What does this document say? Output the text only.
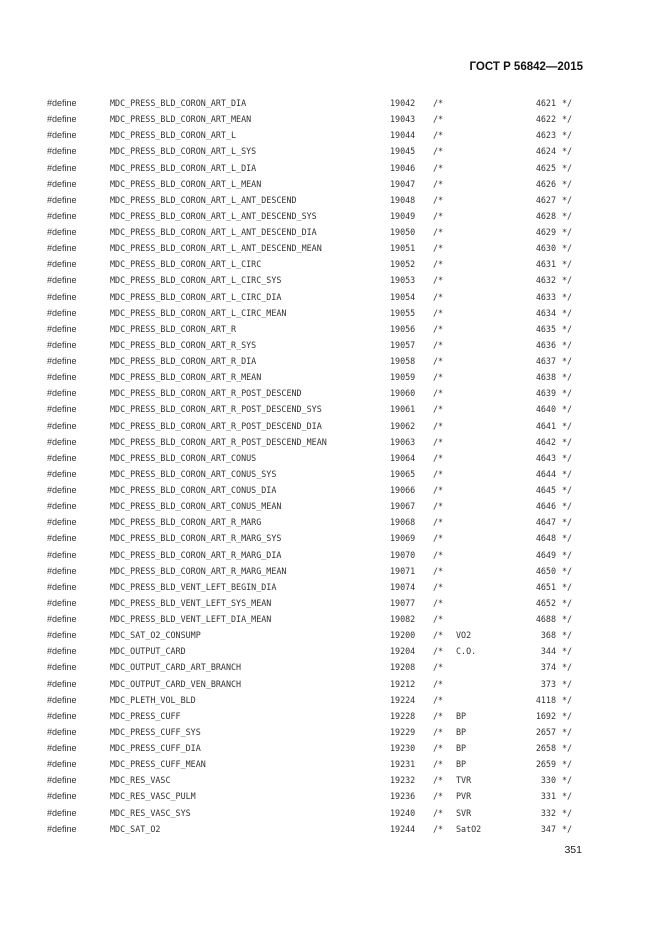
ГОСТ Р 56842—2015
#define	MDC_PRESS_BLD_CORON_ART_DIA	19042 /*	4621 */
#define	MDC_PRESS_BLD_CORON_ART_MEAN	19043 /*	4622 */
#define	MDC_PRESS_BLD_CORON_ART_L	19044 /*	4623 */
#define	MDC_PRESS_BLD_CORON_ART_L_SYS	19045 /*	4624 */
#define	MDC_PRESS_BLD_CORON_ART_L_DIA	19046 /*	4625 */
#define	MDC_PRESS_BLD_CORON_ART_L_MEAN	19047 /*	4626 */
#define	MDC_PRESS_BLD_CORON_ART_L_ANT_DESCEND	19048 /*	4627 */
#define	MDC_PRESS_BLD_CORON_ART_L_ANT_DESCEND_SYS	19049 /*	4628 */
#define	MDC_PRESS_BLD_CORON_ART_L_ANT_DESCEND_DIA	19050 /*	4629 */
#define	MDC_PRESS_BLD_CORON_ART_L_ANT_DESCEND_MEAN	19051 /*	4630 */
#define	MDC_PRESS_BLD_CORON_ART_L_CIRC	19052 /*	4631 */
#define	MDC_PRESS_BLD_CORON_ART_L_CIRC_SYS	19053 /*	4632 */
#define	MDC_PRESS_BLD_CORON_ART_L_CIRC_DIA	19054 /*	4633 */
#define	MDC_PRESS_BLD_CORON_ART_L_CIRC_MEAN	19055 /*	4634 */
#define	MDC_PRESS_BLD_CORON_ART_R	19056 /*	4635 */
#define	MDC_PRESS_BLD_CORON_ART_R_SYS	19057 /*	4636 */
#define	MDC_PRESS_BLD_CORON_ART_R_DIA	19058 /*	4637 */
#define	MDC_PRESS_BLD_CORON_ART_R_MEAN	19059 /*	4638 */
#define	MDC_PRESS_BLD_CORON_ART_R_POST_DESCEND	19060 /*	4639 */
#define	MDC_PRESS_BLD_CORON_ART_R_POST_DESCEND_SYS	19061 /*	4640 */
#define	MDC_PRESS_BLD_CORON_ART_R_POST_DESCEND_DIA	19062 /*	4641 */
#define	MDC_PRESS_BLD_CORON_ART_R_POST_DESCEND_MEAN	19063 /*	4642 */
#define	MDC_PRESS_BLD_CORON_ART_CONUS	19064 /*	4643 */
#define	MDC_PRESS_BLD_CORON_ART_CONUS_SYS	19065 /*	4644 */
#define	MDC_PRESS_BLD_CORON_ART_CONUS_DIA	19066 /*	4645 */
#define	MDC_PRESS_BLD_CORON_ART_CONUS_MEAN	19067 /*	4646 */
#define	MDC_PRESS_BLD_CORON_ART_R_MARG	19068 /*	4647 */
#define	MDC_PRESS_BLD_CORON_ART_R_MARG_SYS	19069 /*	4648 */
#define	MDC_PRESS_BLD_CORON_ART_R_MARG_DIA	19070 /*	4649 */
#define	MDC_PRESS_BLD_CORON_ART_R_MARG_MEAN	19071 /*	4650 */
#define	MDC_PRESS_BLD_VENT_LEFT_BEGIN_DIA	19074 /*	4651 */
#define	MDC_PRESS_BLD_VENT_LEFT_SYS_MEAN	19077 /*	4652 */
#define	MDC_PRESS_BLD_VENT_LEFT_DIA_MEAN	19082 /*	4688 */
#define	MDC_SAT_O2_CONSUMP	19200 /* VO2	368 */
#define	MDC_OUTPUT_CARD	19204 /* C.O.	344 */
#define	MDC_OUTPUT_CARD_ART_BRANCH	19208 /*	374 */
#define	MDC_OUTPUT_CARD_VEN_BRANCH	19212 /*	373 */
#define	MDC_PLETH_VOL_BLD	19224 /*	4118 */
#define	MDC_PRESS_CUFF	19228 /* BP	1692 */
#define	MDC_PRESS_CUFF_SYS	19229 /* BP	2657 */
#define	MDC_PRESS_CUFF_DIA	19230 /* BP	2658 */
#define	MDC_PRESS_CUFF_MEAN	19231 /* BP	2659 */
#define	MDC_RES_VASC	19232 /* TVR	330 */
#define	MDC_RES_VASC_PULM	19236 /* PVR	331 */
#define	MDC_RES_VASC_SYS	19240 /* SVR	332 */
#define	MDC_SAT_O2	19244 /* SatO2	347 */
351
